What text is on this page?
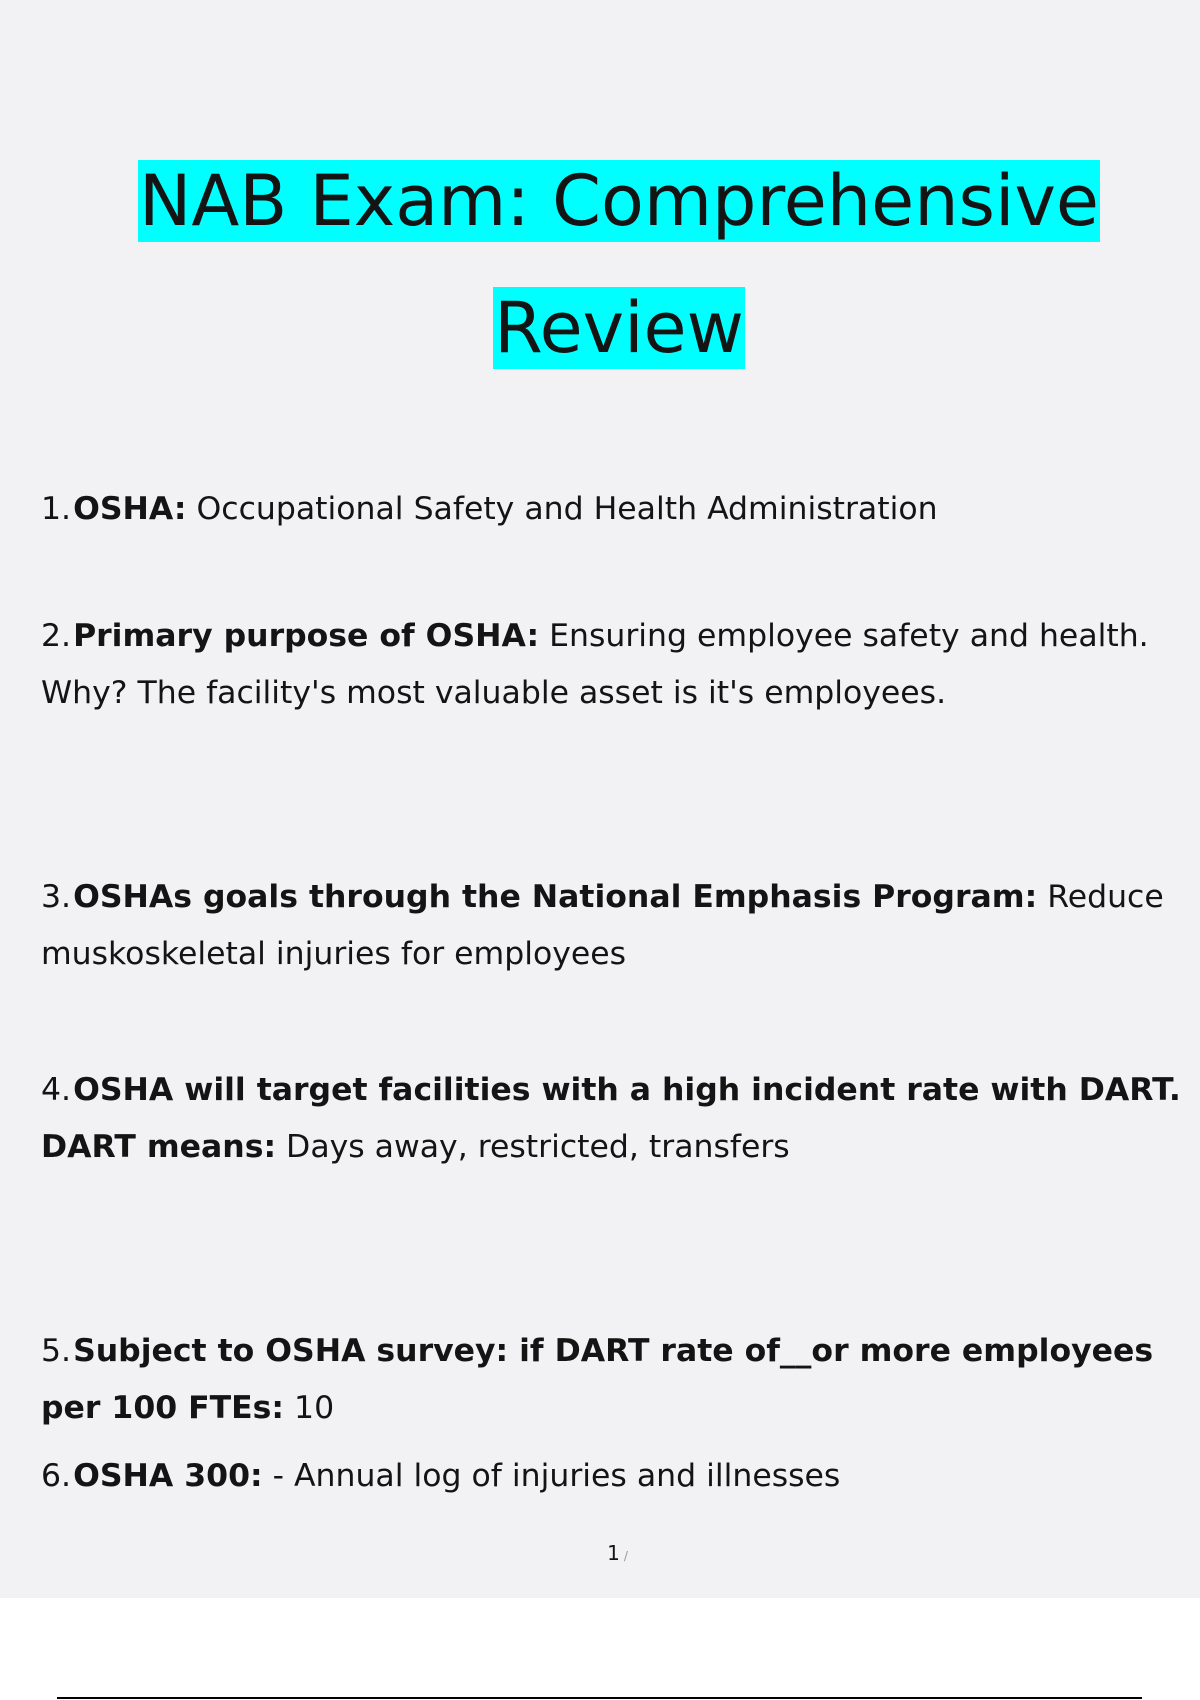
NAB Exam: Comprehensive
Review

1.OSHA: Occupational Safety and Health Administration

2.Primary purpose of OSHA: Ensuring employee safety and health. Why? The facility's most valuable asset is it's employees.

3.OSHAs goals through the National Emphasis Program: Reduce muskoskeletal injuries for employees

4.OSHA will target facilities with a high incident rate with DART. DART means: Days away, restricted, transfers

5.Subject to OSHA survey: if DART rate of__or more employees per 100 FTEs: 10

6.OSHA 300: - Annual log of injuries and illnesses

1 /
